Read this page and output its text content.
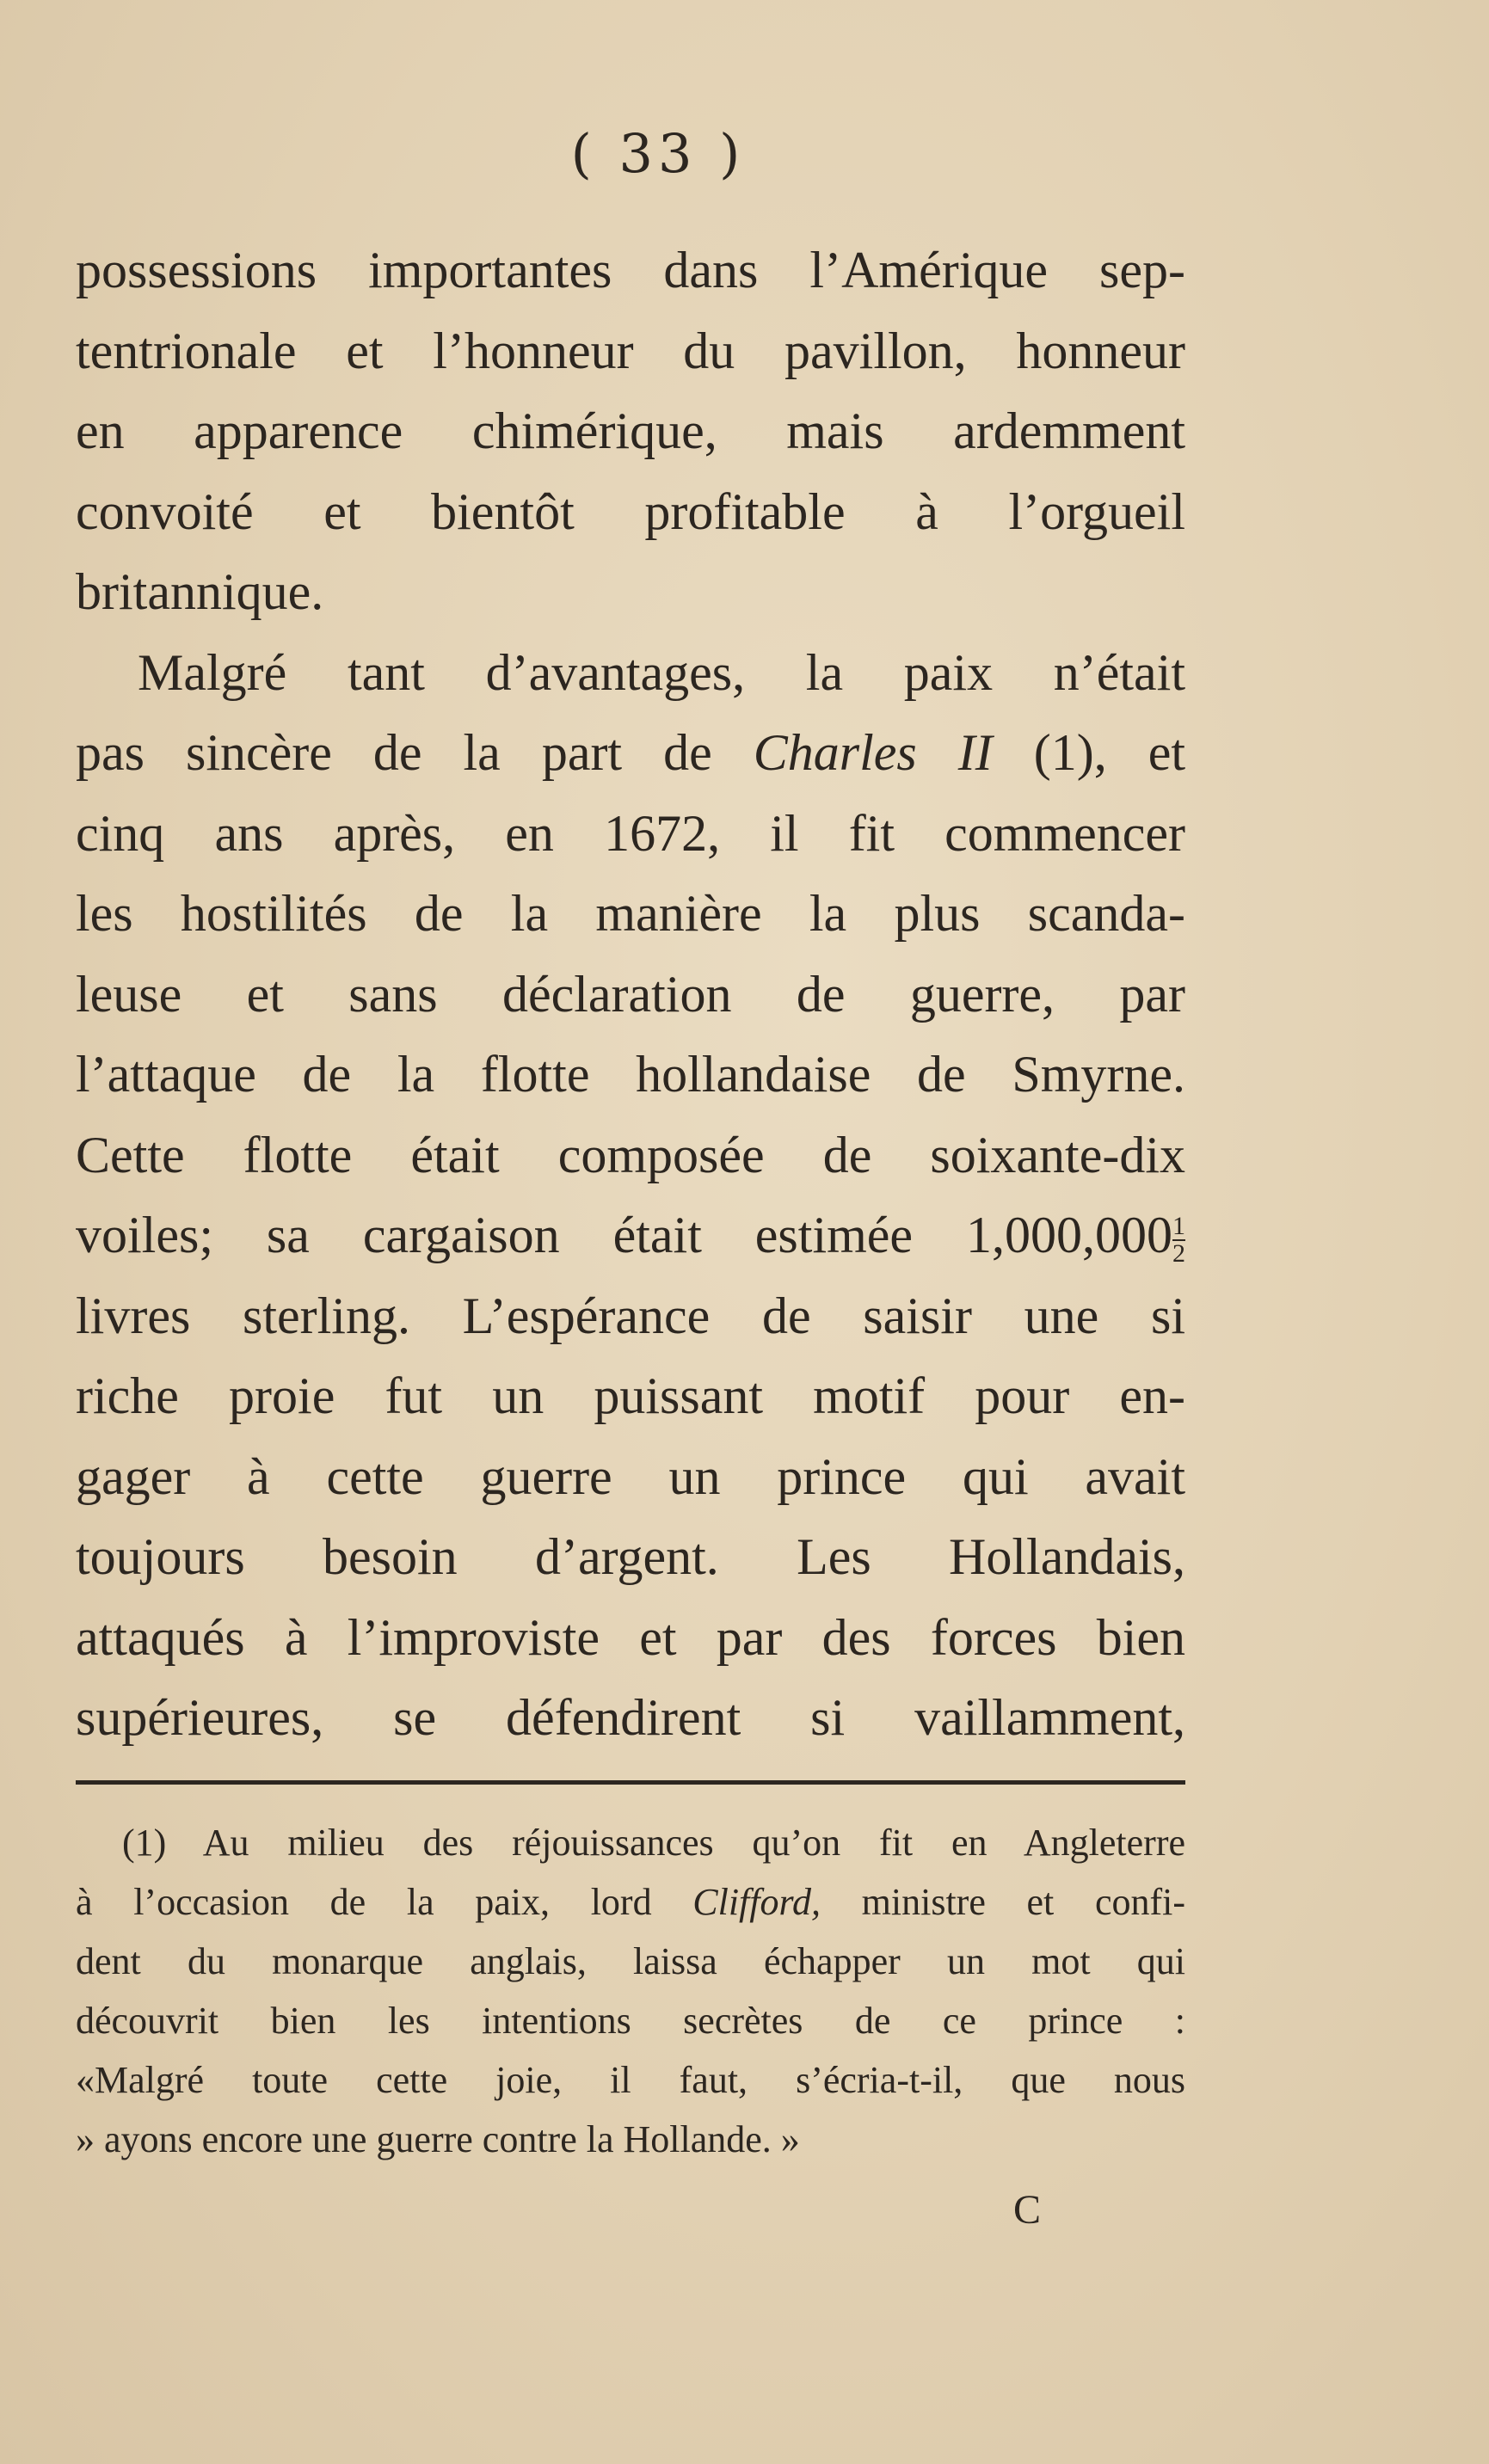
( 33 )
possessions importantes dans l’Amérique sep-
tentrionale et l’honneur du pavillon, honneur
en apparence chimérique, mais ardemment
convoité et bientôt profitable à l’orgueil
britannique.
Malgré tant d’avantages, la paix n’était
pas sincère de la part de Charles II (1), et
cinq ans après, en 1672, il fit commencer
les hostilités de la manière la plus scanda-
leuse et sans déclaration de guerre, par
l’attaque de la flotte hollandaise de Smyrne.
Cette flotte était composée de soixante-dix
voiles; sa cargaison était estimée $1,000,000 \frac{1}{2}$
livres sterling. L’espérance de saisir une si
riche proie fut un puissant motif pour en-
gager à cette guerre un prince qui avait
toujours besoin d’argent. Les Hollandais,
attaqués à l’improviste et par des forces bien
supérieures, se défendirent si vaillamment,
(1) Au milieu des réjouissances qu’on fit en Angleterre
à l’occasion de la paix, lord Clifford, ministre et confi-
dent du monarque anglais, laissa échapper un mot qui
découvrit bien les intentions secrètes de ce prince :
«Malgré toute cette joie, il faut, s’écria-t-il, que nous
» ayons encore une guerre contre la Hollande. »
C
